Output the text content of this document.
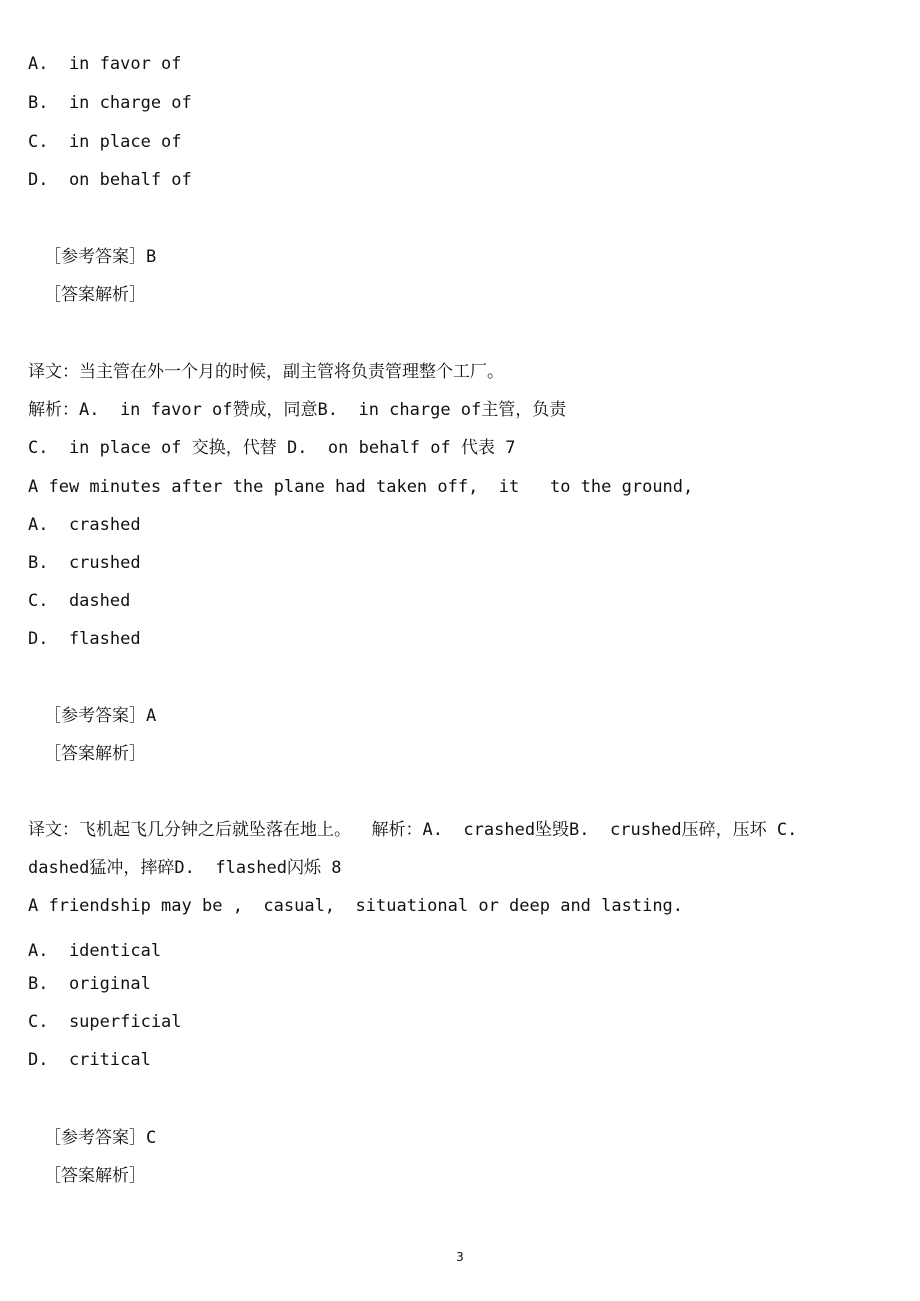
A.  in favor of
B.  in charge of
C.  in place of
D.  on behalf of
［参考答案］B
［答案解析］
译文：当主管在外一个月的时候，副主管将负责管理整个工厂。
解析：A.  in favor of赞成，同意B.  in charge of主管，负责
C.  in place of 交换，代替 D.  on behalf of 代表 7
A few minutes after the plane had taken off,  it   to the ground,
A.  crashed
B.  crushed
C.  dashed
D.  flashed
［参考答案］A
［答案解析］
译文：飞机起飞几分钟之后就坠落在地上。  解析：A.  crashed坠毁B.  crushed压碎，压坏 C.
dashed猛冲，摔碎D.  flashed闪烁 8
A friendship may be ,  casual,  situational or deep and lasting.
A.  identical
B.  original
C.  superficial
D.  critical
［参考答案］C
［答案解析］
3
